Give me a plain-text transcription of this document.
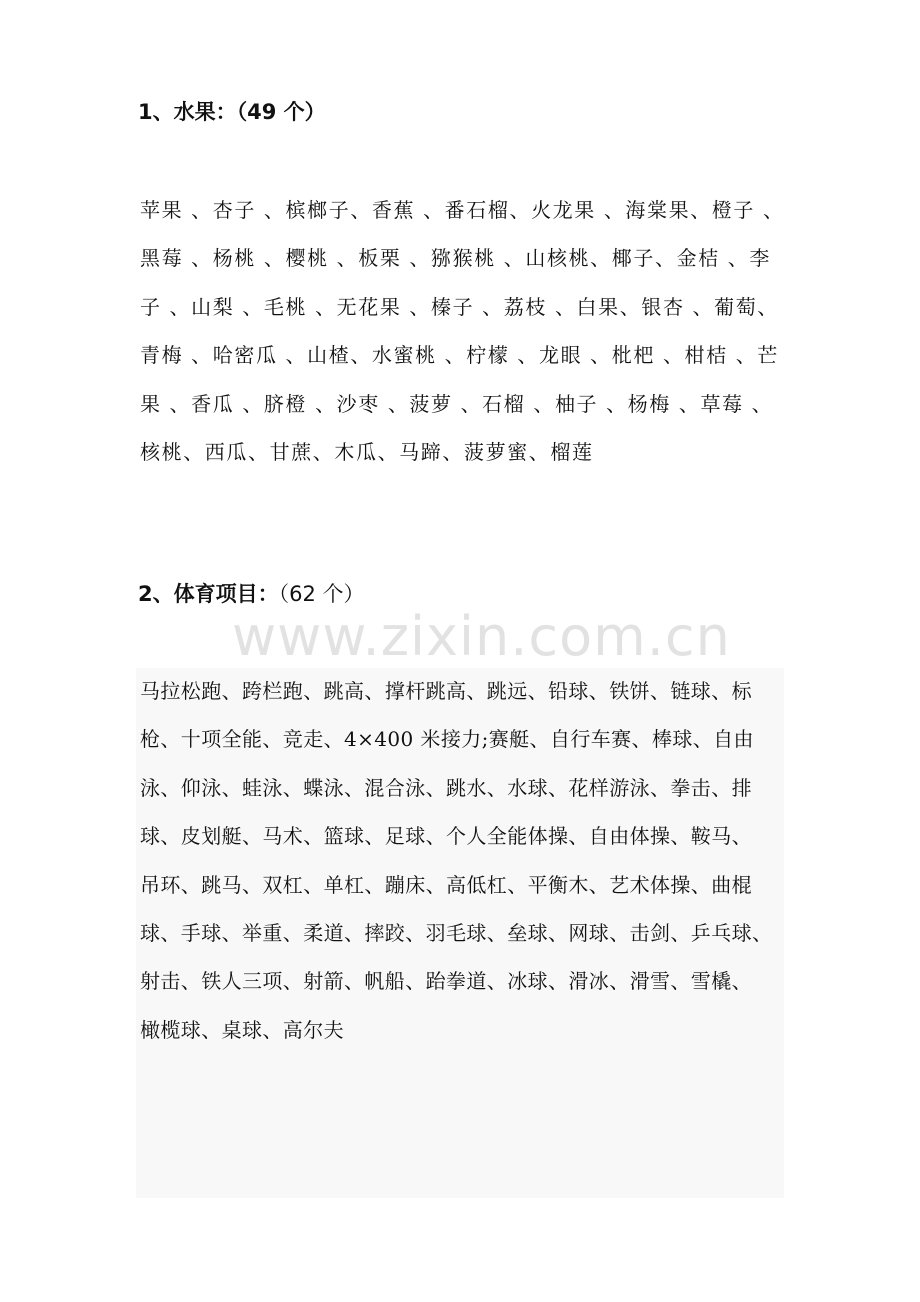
1、水果：（49 个）

苹果 、杏子 、槟榔子、香蕉 、番石榴、火龙果 、海棠果、橙子 、
黑莓 、杨桃 、樱桃 、板栗 、猕猴桃 、山核桃、椰子、金桔 、李
子 、山梨 、毛桃 、无花果 、榛子 、荔枝 、白果、银杏 、葡萄、
青梅 、哈密瓜 、山楂、水蜜桃 、柠檬 、龙眼 、枇杷 、柑桔 、芒
果 、香瓜 、脐橙 、沙枣 、菠萝 、石榴 、柚子 、杨梅 、草莓 、
核桃、西瓜、甘蔗、木瓜、马蹄、菠萝蜜、榴莲

2、体育项目：（62 个）
www.zixin.com.cn

马拉松跑、跨栏跑、跳高、撑杆跳高、跳远、铅球、铁饼、链球、标
枪、十项全能、竞走、4×400 米接力;赛艇、自行车赛、棒球、自由
泳、仰泳、蛙泳、蝶泳、混合泳、跳水、水球、花样游泳、拳击、排
球、皮划艇、马术、篮球、足球、个人全能体操、自由体操、鞍马、
吊环、跳马、双杠、单杠、蹦床、高低杠、平衡木、艺术体操、曲棍
球、手球、举重、柔道、摔跤、羽毛球、垒球、网球、击剑、乒乓球、
射击、铁人三项、射箭、帆船、跆拳道、冰球、滑冰、滑雪、雪橇、
橄榄球、桌球、高尔夫
